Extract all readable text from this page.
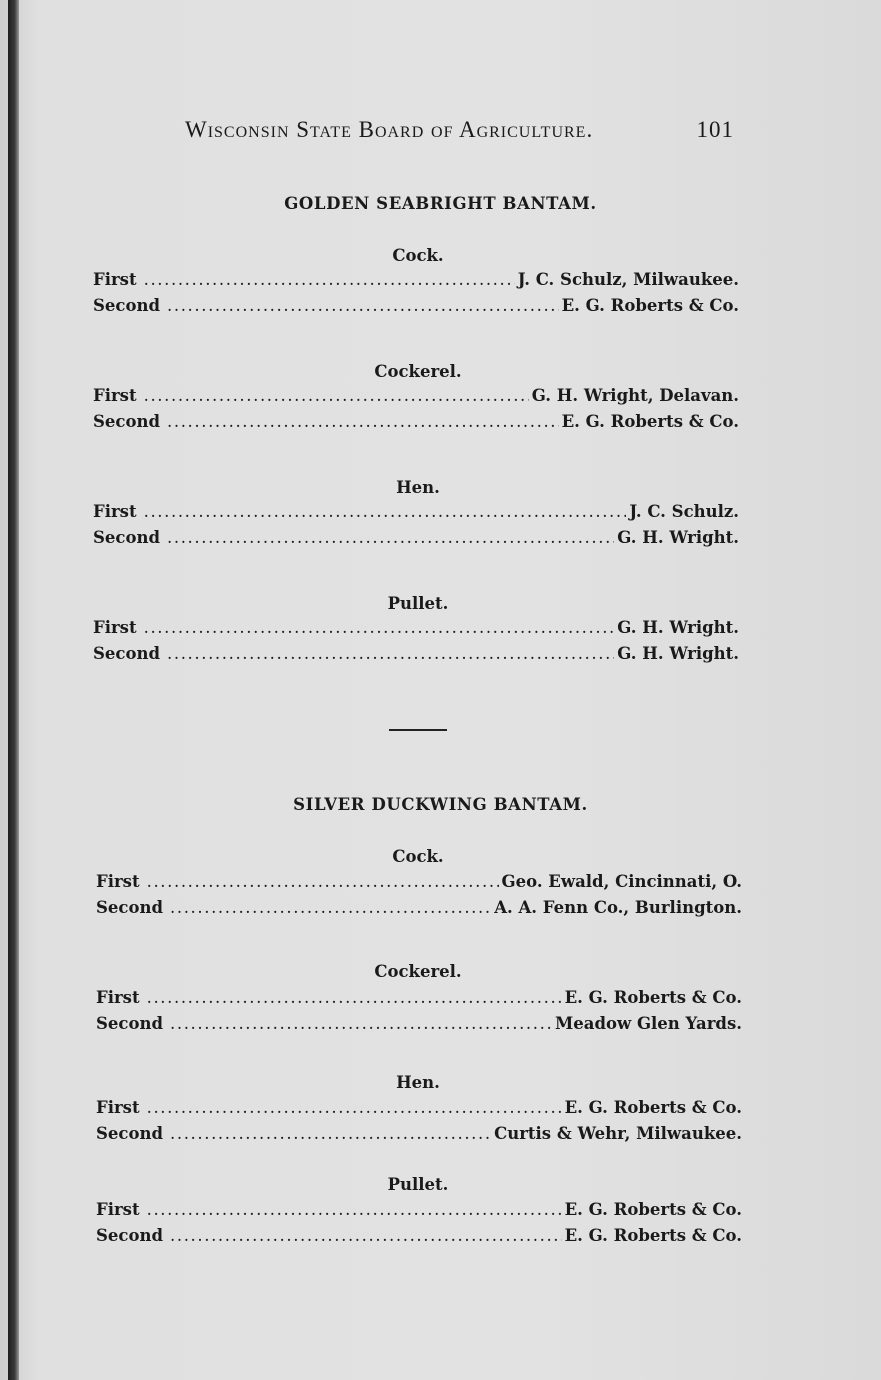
Wisconsin State Board of Agriculture.	101
GOLDEN SEABRIGHT BANTAM.
Cock.
First .....	J. C. Schulz, Milwaukee.
Second .....	E. G. Roberts & Co.
Cockerel.
First .....	G. H. Wright, Delavan.
Second .....	E. G. Roberts & Co.
Hen.
First .....	J. C. Schulz.
Second .....	G. H. Wright.
Pullet.
First .....	G. H. Wright.
Second .....	G. H. Wright.
SILVER DUCKWING BANTAM.
Cock.
First .....	Geo. Ewald, Cincinnati, O.
Second .....	A. A. Fenn Co., Burlington.
Cockerel.
First .....	E. G. Roberts & Co.
Second .....	Meadow Glen Yards.
Hen.
First .....	E. G. Roberts & Co.
Second .....	Curtis & Wehr, Milwaukee.
Pullet.
First .....	E. G. Roberts & Co.
Second .....	E. G. Roberts & Co.
